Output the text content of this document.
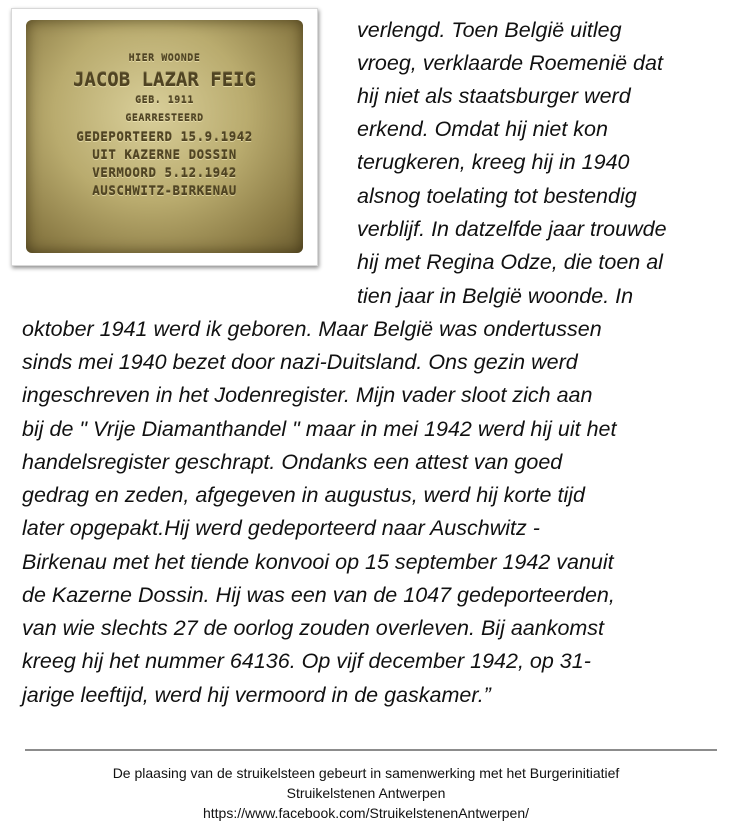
HIER WOONDE
JACOB LAZAR FEIG
GEB. 1911
GEARRESTEERD
GEDEPORTEERD 15.9.1942
UIT KAZERNE DOSSIN
VERMOORD 5.12.1942
AUSCHWITZ-BIRKENAU
verlengd. Toen België uitleg
vroeg, verklaarde Roemenië dat
hij niet als staatsburger werd
erkend. Omdat hij niet kon
terugkeren, kreeg hij in 1940
alsnog toelating tot bestendig
verblijf. In datzelfde jaar trouwde
hij met Regina Odze, die toen al
tien jaar in België woonde. In
oktober 1941 werd ik geboren. Maar België was ondertussen
sinds mei 1940 bezet door nazi-Duitsland. Ons gezin werd
ingeschreven in het Jodenregister. Mijn vader sloot zich aan
bij de " Vrije Diamanthandel " maar in mei 1942 werd hij uit het
handelsregister geschrapt. Ondanks een attest van goed
gedrag en zeden, afgegeven in augustus, werd hij korte tijd
later opgepakt.Hij werd gedeporteerd naar Auschwitz -
Birkenau met het tiende konvooi op 15 september 1942 vanuit
de Kazerne Dossin. Hij was een van de 1047 gedeporteerden,
van wie slechts 27 de oorlog zouden overleven. Bij aankomst
kreeg hij het nummer 64136. Op vijf december 1942, op 31-
jarige leeftijd, werd hij vermoord in de gaskamer.”
De plaasing van de struikelsteen gebeurt in samenwerking met het Burgerinitiatief
Struikelstenen Antwerpen
https://www.facebook.com/StruikelstenenAntwerpen/
